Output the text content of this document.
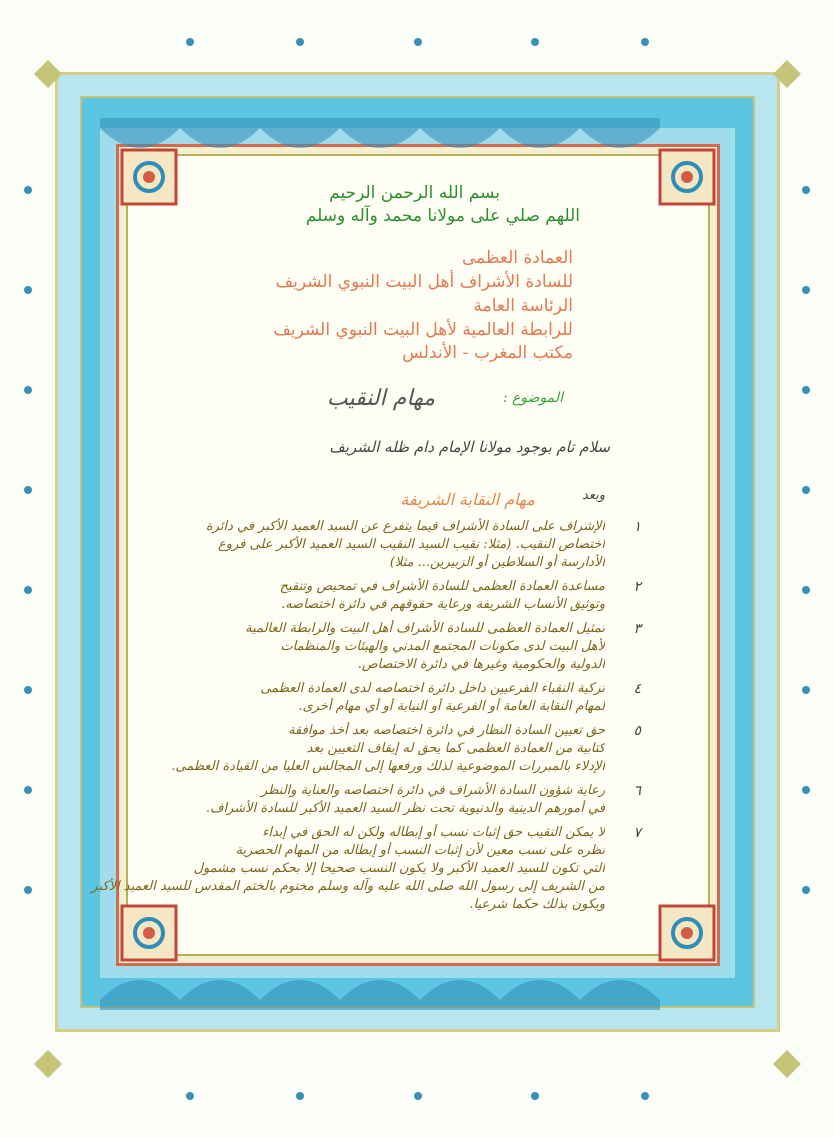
بسم الله الرحمن الرحيم
اللهم صلي على مولانا محمد وآله وسلم
العمادة العظمى
للسادة الأشراف أهل البيت النبوي الشريف
الرئاسة العامة
للرابطة العالمية لأهل البيت النبوي الشريف
مكتب المغرب - الأندلس
الموضوع :
مهام النقيب
سلام تام بوجود مولانا الإمام دام ظله الشريف
وبعد
مهام النقابة الشريفة
١
الإشراف على السادة الأشراف فيما يتفرع عن السيد العميد الأكبر في دائرة
اختصاص النقيب. (مثلا: نقيب السيد النقيب السيد العميد الأكبر على فروع
الأدارسة أو السلاطين أو الزبيرين... مثلا)
٢
مساعدة العمادة العظمى للسادة الأشراف في تمحيص وتنقيح
وتوثيق الأنساب الشريفة ورعاية حقوقهم في دائرة اختصاصه.
٣
تمثيل العمادة العظمى للسادة الأشراف أهل البيت والرابطة العالمية
لأهل البيت لدى مكونات المجتمع المدني والهيئات والمنظمات
الدولية والحكومية وغيرها في دائرة الاختصاص.
٤
تزكية النقباء الفرعيين داخل دائرة اختصاصه لدى العمادة العظمى
لمهام النقابة العامة أو الفرعية أو النيابة أو أي مهام أخرى.
٥
حق تعيين السادة النظار في دائرة اختصاصه بعد أخذ موافقة
كتابية من العمادة العظمى كما يحق له إيقاف التعيين بعد
الإدلاء بالمبررات الموضوعية لذلك ورفعها إلى المجالس العليا من القيادة العظمى.
٦
رعاية شؤون السادة الأشراف في دائرة اختصاصه والعناية والنظر
في أمورهم الدينية والدنيوية تحت نظر السيد العميد الأكبر للسادة الأشراف.
٧
لا يمكن النقيب حق إثبات نسب أو إبطاله ولكن له الحق في إبداء
نظره على نسب معين لأن إثبات النسب أو إبطاله من المهام الحصرية
التي تكون للسيد العميد الأكبر ولا يكون النسب صحيحا إلا بحكم نسب مشمول
من الشريف إلى رسول الله صلى الله عليه وآله وسلم مختوم بالختم المقدس للسيد العميد الأكبر
ويكون بذلك حكما شرعيا.
